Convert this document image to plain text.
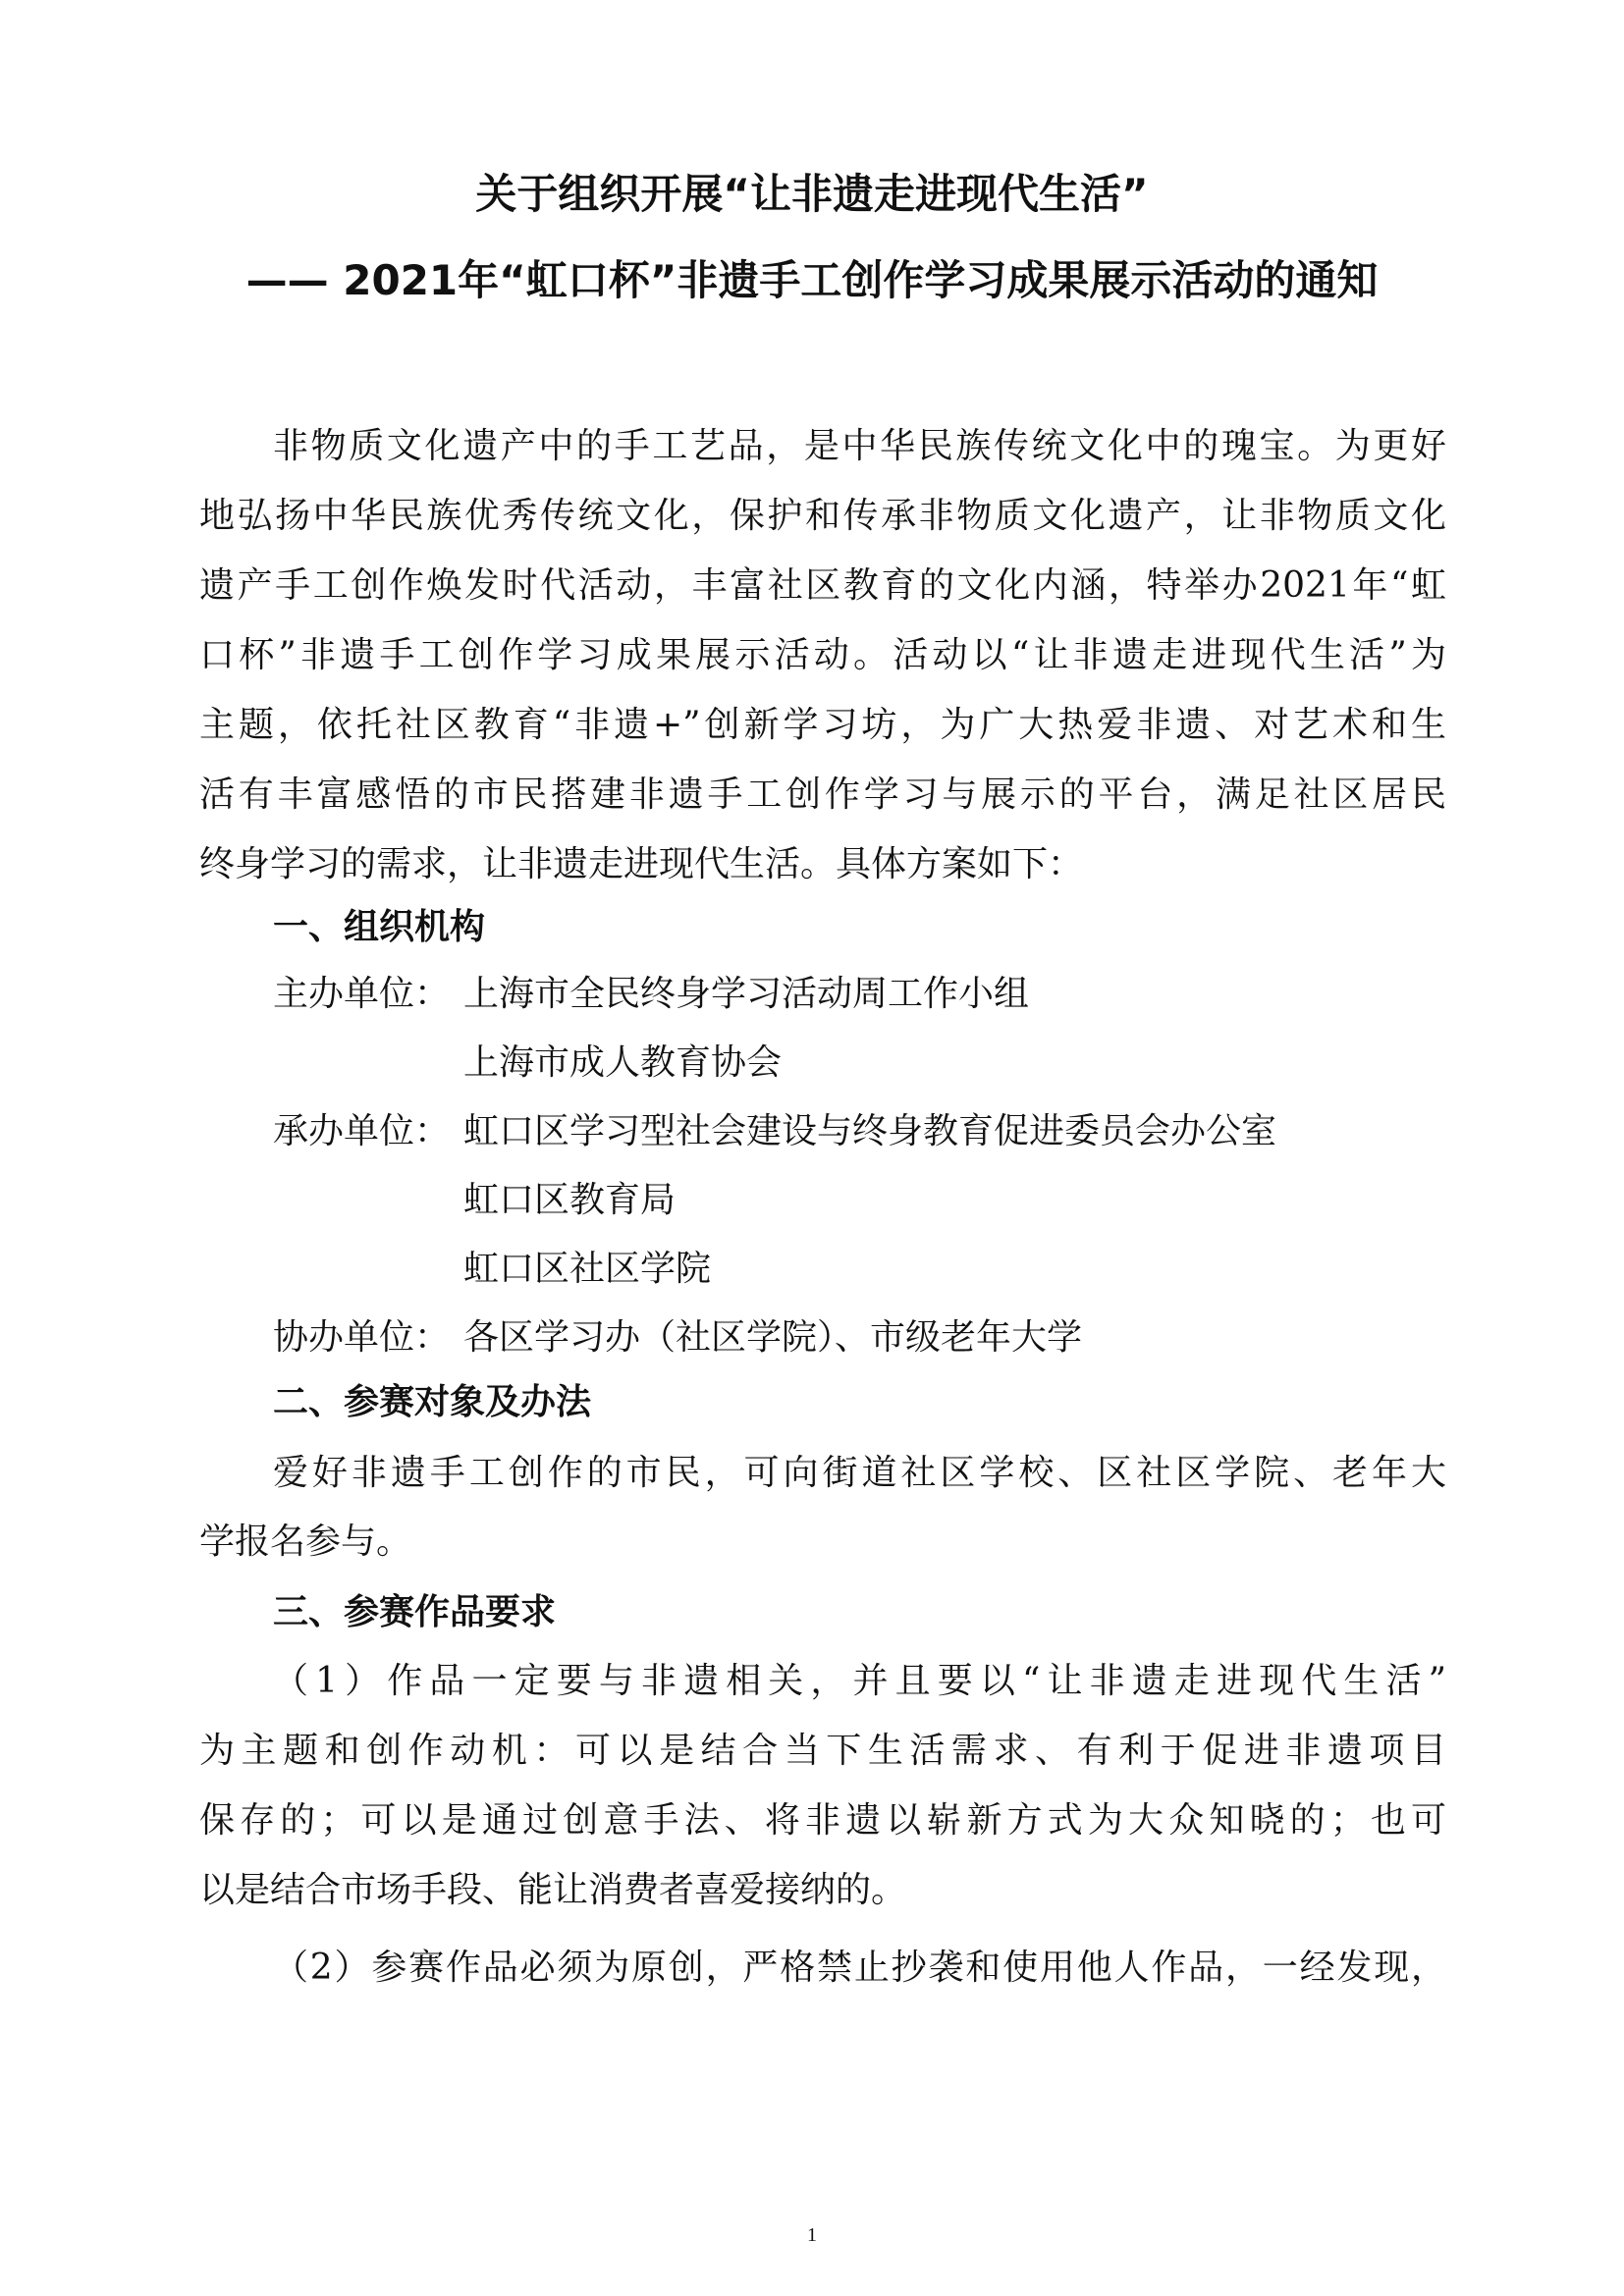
关于组织开展“让非遗走进现代生活”
—— 2021年“虹口杯”非遗手工创作学习成果展示活动的通知
非物质文化遗产中的手工艺品，是中华民族传统文化中的瑰宝。为更好
地弘扬中华民族优秀传统文化，保护和传承非物质文化遗产，让非物质文化
遗产手工创作焕发时代活动，丰富社区教育的文化内涵，特举办2021年“虹
口杯”非遗手工创作学习成果展示活动。活动以“让非遗走进现代生活”为
主题，依托社区教育“非遗+”创新学习坊，为广大热爱非遗、对艺术和生
活有丰富感悟的市民搭建非遗手工创作学习与展示的平台，满足社区居民
终身学习的需求，让非遗走进现代生活。具体方案如下：
一、组织机构
主办单位： 上海市全民终身学习活动周工作小组
上海市成人教育协会
承办单位： 虹口区学习型社会建设与终身教育促进委员会办公室
虹口区教育局
虹口区社区学院
协办单位： 各区学习办（社区学院）、市级老年大学
二、参赛对象及办法
爱好非遗手工创作的市民，可向街道社区学校、区社区学院、老年大
学报名参与。
三、参赛作品要求
（1）作品一定要与非遗相关，并且要以“让非遗走进现代生活”
为主题和创作动机：可以是结合当下生活需求、有利于促进非遗项目
保存的；可以是通过创意手法、将非遗以崭新方式为大众知晓的；也可
以是结合市场手段、能让消费者喜爱接纳的。
（2）参赛作品必须为原创，严格禁止抄袭和使用他人作品，一经发现，
1
